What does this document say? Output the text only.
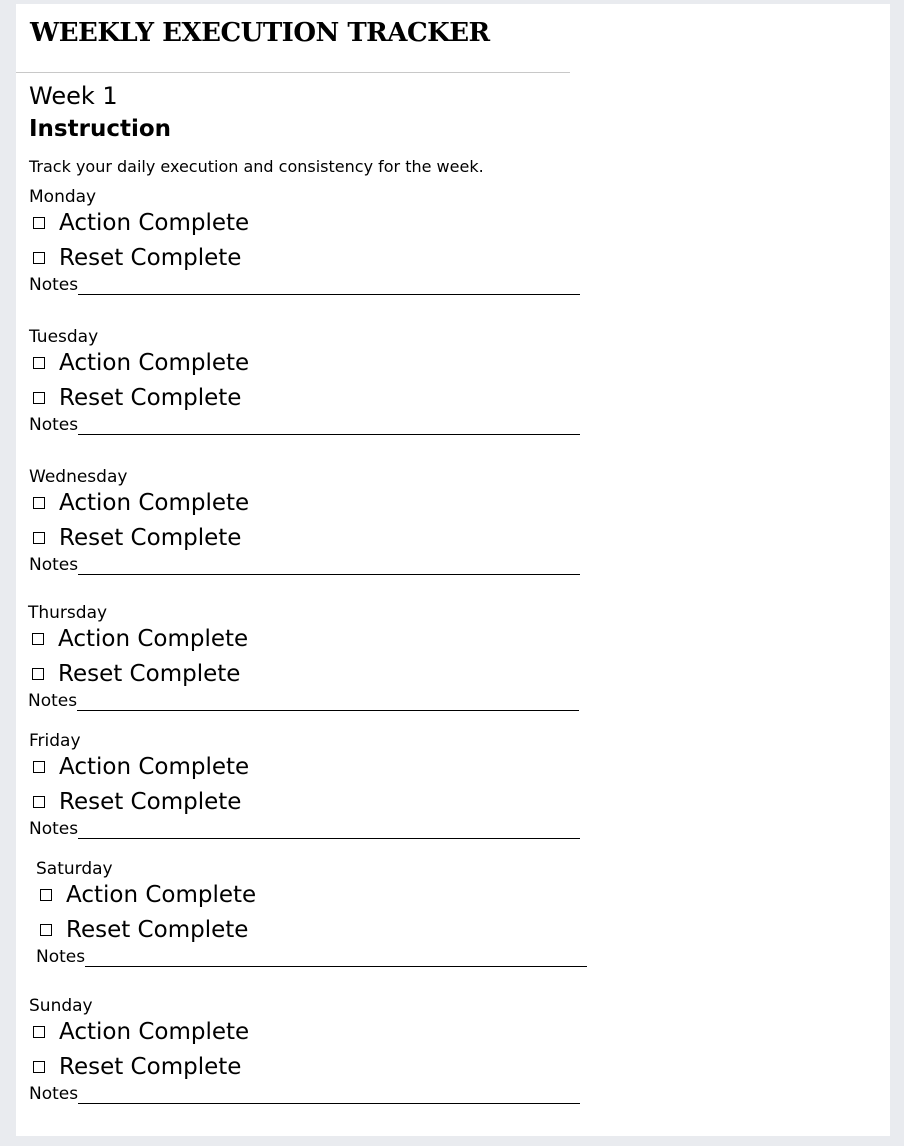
WEEKLY EXECUTION TRACKER
Week 1
Instruction
Track your daily execution and consistency for the week.
Monday
Action Complete
Reset Complete
Notes
Tuesday
Action Complete
Reset Complete
Notes
Wednesday
Action Complete
Reset Complete
Notes
Thursday
Action Complete
Reset Complete
Notes
Friday
Action Complete
Reset Complete
Notes
Saturday
Action Complete
Reset Complete
Notes
Sunday
Action Complete
Reset Complete
Notes
